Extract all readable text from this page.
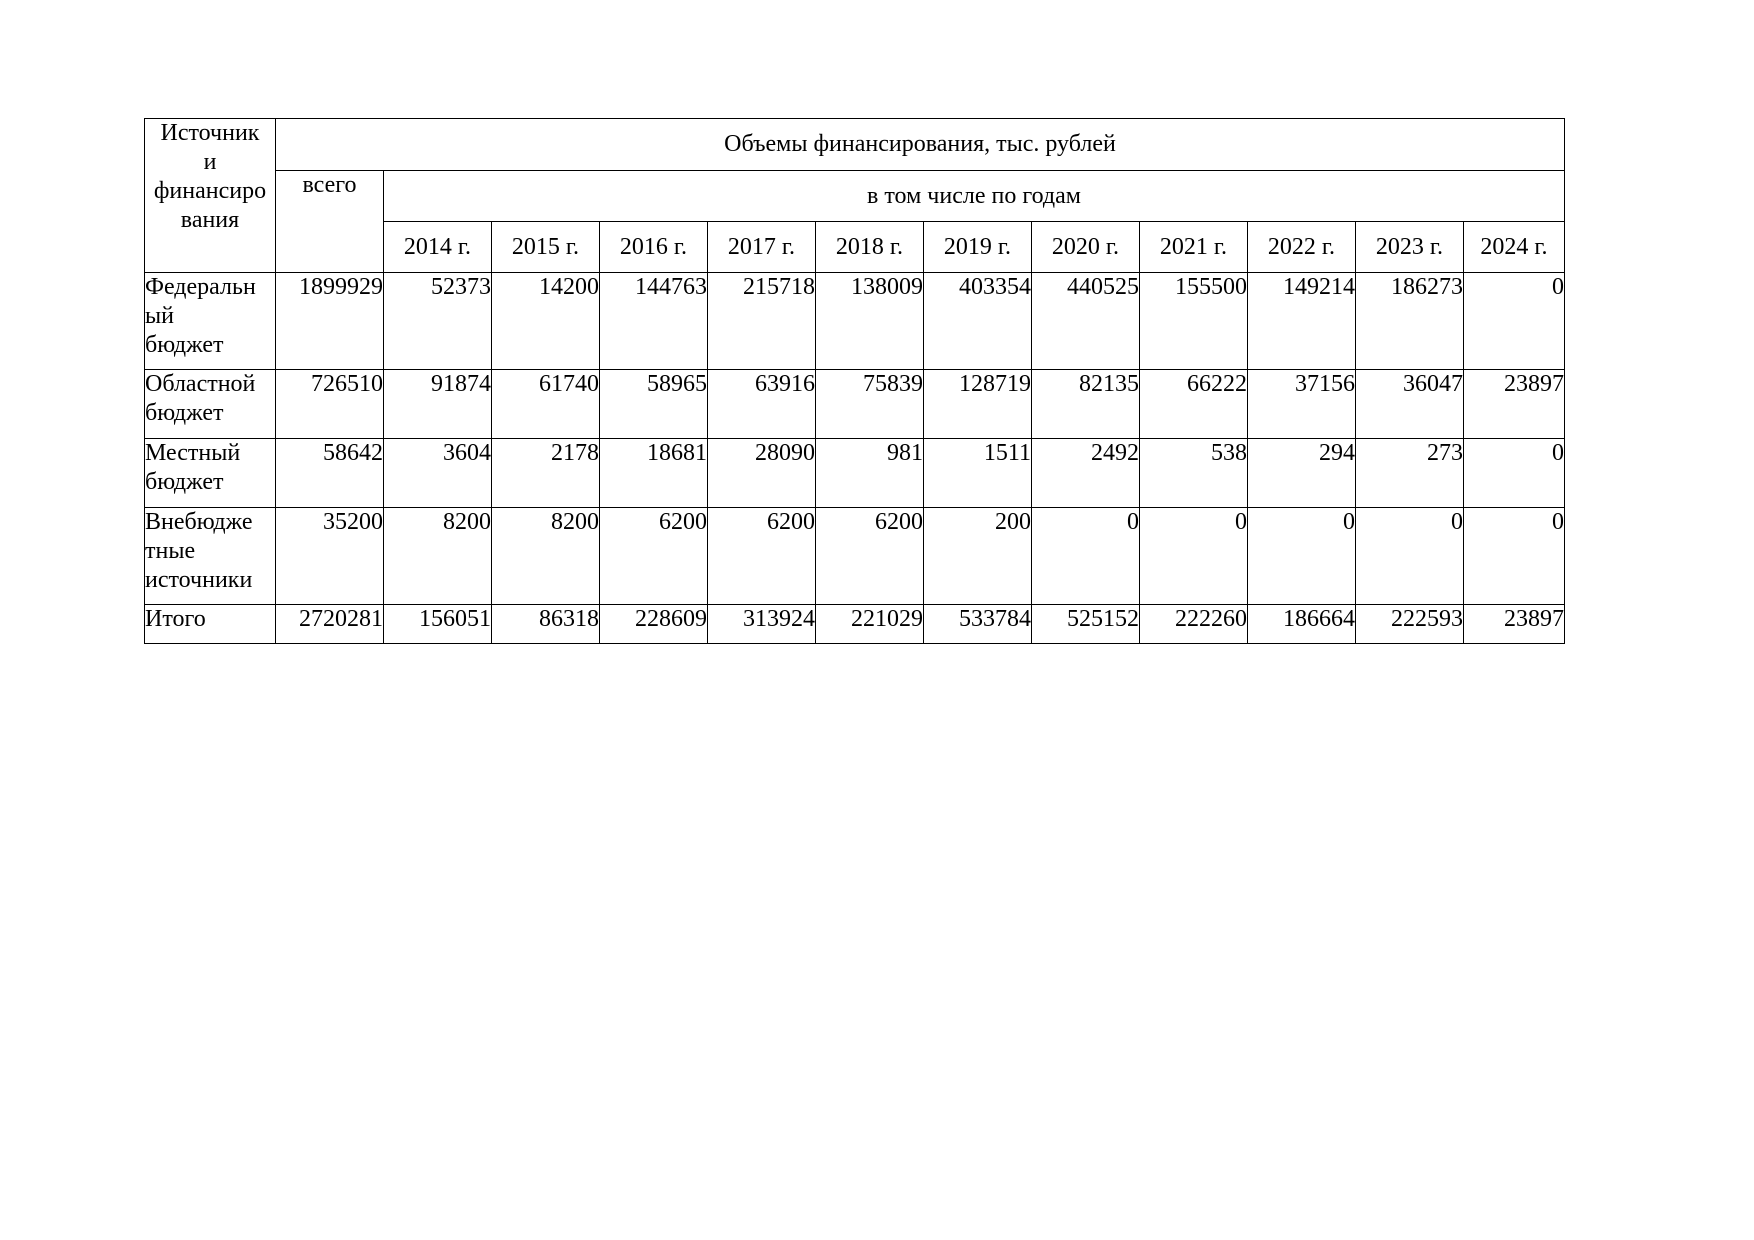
Источник
и
финансиро
вания	Объемы финансирования, тыс. рублей											
	всего	в том числе по годам										
		2014 г.	2015 г.	2016 г.	2017 г.	2018 г.	2019 г.	2020 г.	2021 г.	2022 г.	2023 г.	2024 г.

Федеральн
ый
бюджет	1899929	52373	14200	144763	215718	138009	403354	440525	155500	149214	186273	0

Областной
бюджет	726510	91874	61740	58965	63916	75839	128719	82135	66222	37156	36047	23897

Местный
бюджет	58642	3604	2178	18681	28090	981	1511	2492	538	294	273	0

Внебюдже
тные
источники	35200	8200	8200	6200	6200	6200	200	0	0	0	0	0

Итого	2720281	156051	86318	228609	313924	221029	533784	525152	222260	186664	222593	23897
